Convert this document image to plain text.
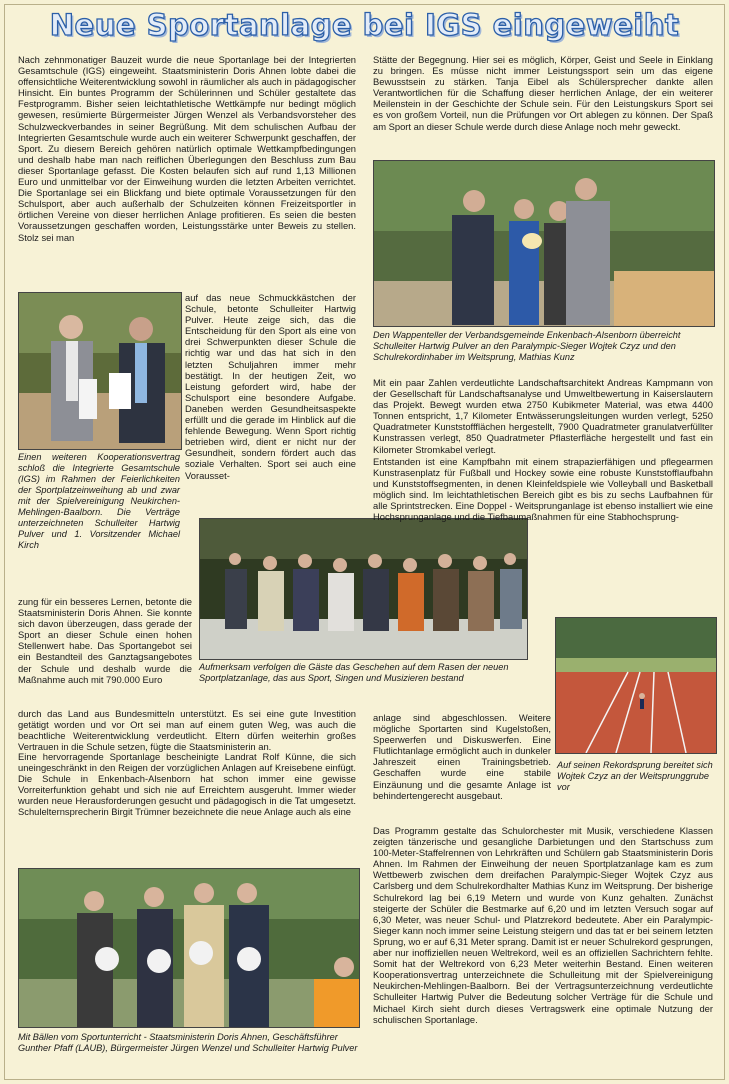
Neue Sportanlage bei IGS eingeweiht
Nach zehnmonatiger Bauzeit wurde die neue Sportanlage bei der Integrierten Gesamtschule (IGS) eingeweiht. Staatsministerin Doris Ahnen lobte dabei die offensichtliche Weiterentwicklung sowohl in räumlicher als auch in pädagogischer Hinsicht. Ein buntes Programm der Schülerinnen und Schüler gestaltete das Festprogramm. Bisher seien leichtathletische Wettkämpfe nur bedingt möglich gewesen, resümierte Bürgermeister Jürgen Wenzel als Verbandsvorsteher des Schulzweckverbandes in seiner Begrüßung. Mit dem schulischen Aufbau der Integrierten Gesamtschule wurde auch ein weiterer Schwerpunkt geschaffen, der Sport. Zu diesem Bereich gehören natürlich optimale Wettkampfbedingungen und deshalb habe man nach reiflichen Überlegungen den Beschluss zum Bau dieser Sportanlage gefasst. Die Kosten belaufen sich auf rund 1,13 Millionen Euro und unmittelbar vor der Einweihung wurden die letzten Arbeiten verrichtet. Die Sportanlage sei ein Blickfang und biete optimale Voraussetzungen für den Schulsport, aber auch außerhalb der Schulzeiten können Freizeitsportler in örtlichen Vereine von dieser herrlichen Anlage profitieren. Es seien die besten Voraussetzungen geschaffen worden, Leistungsstärke unter Beweis zu stellen. Stolz sei man
auf das neue Schmuckkästchen der Schule, betonte Schulleiter Hartwig Pulver. Heute zeige sich, das die Entscheidung für den Sport als eine von drei Schwerpunkten dieser Schule die richtig war und das hat sich in den letzten Schuljahren immer mehr bestätigt. In der heutigen Zeit, wo Leistung gefordert wird, habe der Schulsport eine besondere Aufgabe. Daneben werden Gesundheitsaspekte erfüllt und die gerade im Hinblick auf die fehlende Bewegung. Wenn Sport richtig betrieben wird, dient er nicht nur der Gesundheit, sondern fördert auch das soziale Verhalten. Sport sei auch eine Vorausset-
Einen weiteren Kooperationsvertrag schloß die Integrierte Gesamtschule (IGS) im Rahmen der Feierlichkeiten der Sportplatzeinweihung ab und zwar mit der Spielvereinigung Neukirchen-Mehlingen-Baalborn. Die Verträge unterzeichneten Schulleiter Hartwig Pulver und 1. Vorsitzender Michael Kirch
zung für ein besseres Lernen, betonte die Staatsministerin Doris Ahnen. Sie konnte sich davon überzeugen, dass gerade der Sport an dieser Schule einen hohen Stellenwert habe. Das Sportangebot sei ein Bestandteil des Ganztagsangebotes der Schule und deshalb wurde die Maßnahme auch mit 790.000 Euro
Aufmerksam verfolgen die Gäste das Geschehen auf dem Rasen der neuen Sportplatzanlage, das aus Sport, Singen und Musizieren bestand
durch das Land aus Bundesmitteln unterstützt. Es sei eine gute Investition getätigt worden und vor Ort sei man auf einem guten Weg, was auch die beachtliche Weiterentwicklung verdeutlicht. Eltern dürfen weiterhin großes Vertrauen in die Schule setzen, fügte die Staatsministerin an.
Eine hervorragende Sportanlage bescheinigte Landrat Rolf Künne, die sich uneingeschränkt in den Reigen der vorzüglichen Anlagen auf Kreisebene einfügt. Die Schule in Enkenbach-Alsenborn hat schon immer eine gewisse Vorreiterfunktion gehabt und sich nie auf Erreichtem ausgeruht. Immer wieder wurden neue Herausforderungen gesucht und pädagogisch in die Tat umgesetzt. Schulelternsprecherin Birgit Trümner bezeichnete die neue Anlage auch als eine
Mit Bällen vom Sportunterricht - Staatsministerin Doris Ahnen, Geschäftsführer Gunther Pfaff (LAUB), Bürgermeister Jürgen Wenzel und Schulleiter Hartwig Pulver
Stätte der Begegnung. Hier sei es möglich, Körper, Geist und Seele in Einklang zu bringen. Es müsse nicht immer Leistungssport sein um das eigene Bewusstsein zu stärken. Tanja Eibel als Schülersprecher dankte allen Verantwortlichen für die Schaffung dieser herrlichen Anlage, der ein weiterer Meilenstein in der Geschichte der Schule sein. Für den Leistungskurs Sport sei es von großem Vorteil, nun die Prüfungen vor Ort ablegen zu können. Der Spaß am Sport an dieser Schule werde durch diese Anlage noch mehr geweckt.
Den Wappenteller der Verbandsgemeinde Enkenbach-Alsenborn überreicht Schulleiter Hartwig Pulver an den Paralympic-Sieger Wojtek Czyz und den Schulrekordinhaber im Weitsprung, Mathias Kunz
Mit ein paar Zahlen verdeutlichte Landschaftsarchitekt Andreas Kampmann von der Gesellschaft für Landschaftsanalyse und Umweltbewertung in Kaiserslautern das Projekt. Bewegt wurden etwa 2750 Kubikmeter Material, was etwa 4400 Tonnen entspricht, 1,7 Kilometer Entwässerungsleitungen wurden verlegt, 5250 Quadratmeter Kunststoffflächen hergestellt, 7900 Quadratmeter granulatverfüllter Kunstrassen verlegt, 850 Quadratmeter Pflasterfläche hergestellt und fast ein Kilometer Stromkabel verlegt.
Entstanden ist eine Kampfbahn mit einem strapazierfähigen und pflegearmen Kunstrasenplatz für Fußball und Hockey sowie eine robuste Kunststofflaufbahn und Kunststoffsegmenten, in denen Kleinfeldspiele wie Volleyball und Basketball möglich sind. Im leichtathletischen Bereich gibt es bis zu sechs Laufbahnen für alle Sprintstrecken. Eine Doppel - Weitsprunganlage ist ebenso installiert wie eine Hochsprunganlage und die Tiefbaumaßnahmen für eine Stabhochsprung-
anlage sind abgeschlossen. Weitere mögliche Sportarten sind Kugelstoßen, Speerwerfen und Diskuswerfen. Eine Flutlichtanlage ermöglicht auch in dunkeler Jahreszeit einen Trainingsbetrieb. Geschaffen wurde eine stabile Einzäunung und die gesamte Anlage ist behindertengerecht ausgebaut.
Auf seinen Rekordsprung bereitet sich Wojtek Czyz an der Weitsprunggrube vor
Das Programm gestalte das Schulorchester mit Musik, verschiedene Klassen zeigten tänzerische und gesangliche Darbietungen und den Startschuss zum 100-Meter-Staffelrennen von Lehrkräften und Schülern gab Staatsministerin Doris Ahnen. Im Rahmen der Einweihung der neuen Sportplatzanlage kam es zum Wettbewerb zwischen dem dreifachen Paralympic-Sieger Wojtek Czyz aus Carlsberg und dem Schulrekordhalter Mathias Kunz im Weitsprung. Der bisherige Schulrekord lag bei 6,19 Metern und wurde von Kunz gehalten. Zunächst steigerte der Schüler die Bestmarke auf 6,20 und im letzten Versuch sogar auf 6,30 Meter, was neuer Schul- und Platzrekord bedeutete. Aber ein Paralympic-Sieger kann noch immer seine Leistung steigern und das tat er bei seinem letzten Sprung, wo er auf 6,31 Meter sprang. Damit ist er neuer Schulrekord gesprungen, aber nur inoffiziellen neuen Weltrekord, weil es an offiziellen Sachrichtern fehlte. Somit hat der Weltrekord von 6,23 Meter weiterhin Bestand. Einen weiteren Kooperationsvertrag unterzeichnete die Schulleitung mit der Spielvereinigung Neukirchen-Mehlingen-Baalborn. Bei der Vertragsunterzeichnung verdeutlichte Schulleiter Hartwig Pulver die Bedeutung solcher Verträge für die Schule und Michael Kirch sieht durch dieses Vertragswerk eine optimale Nutzung der schulischen Sportanlage.
